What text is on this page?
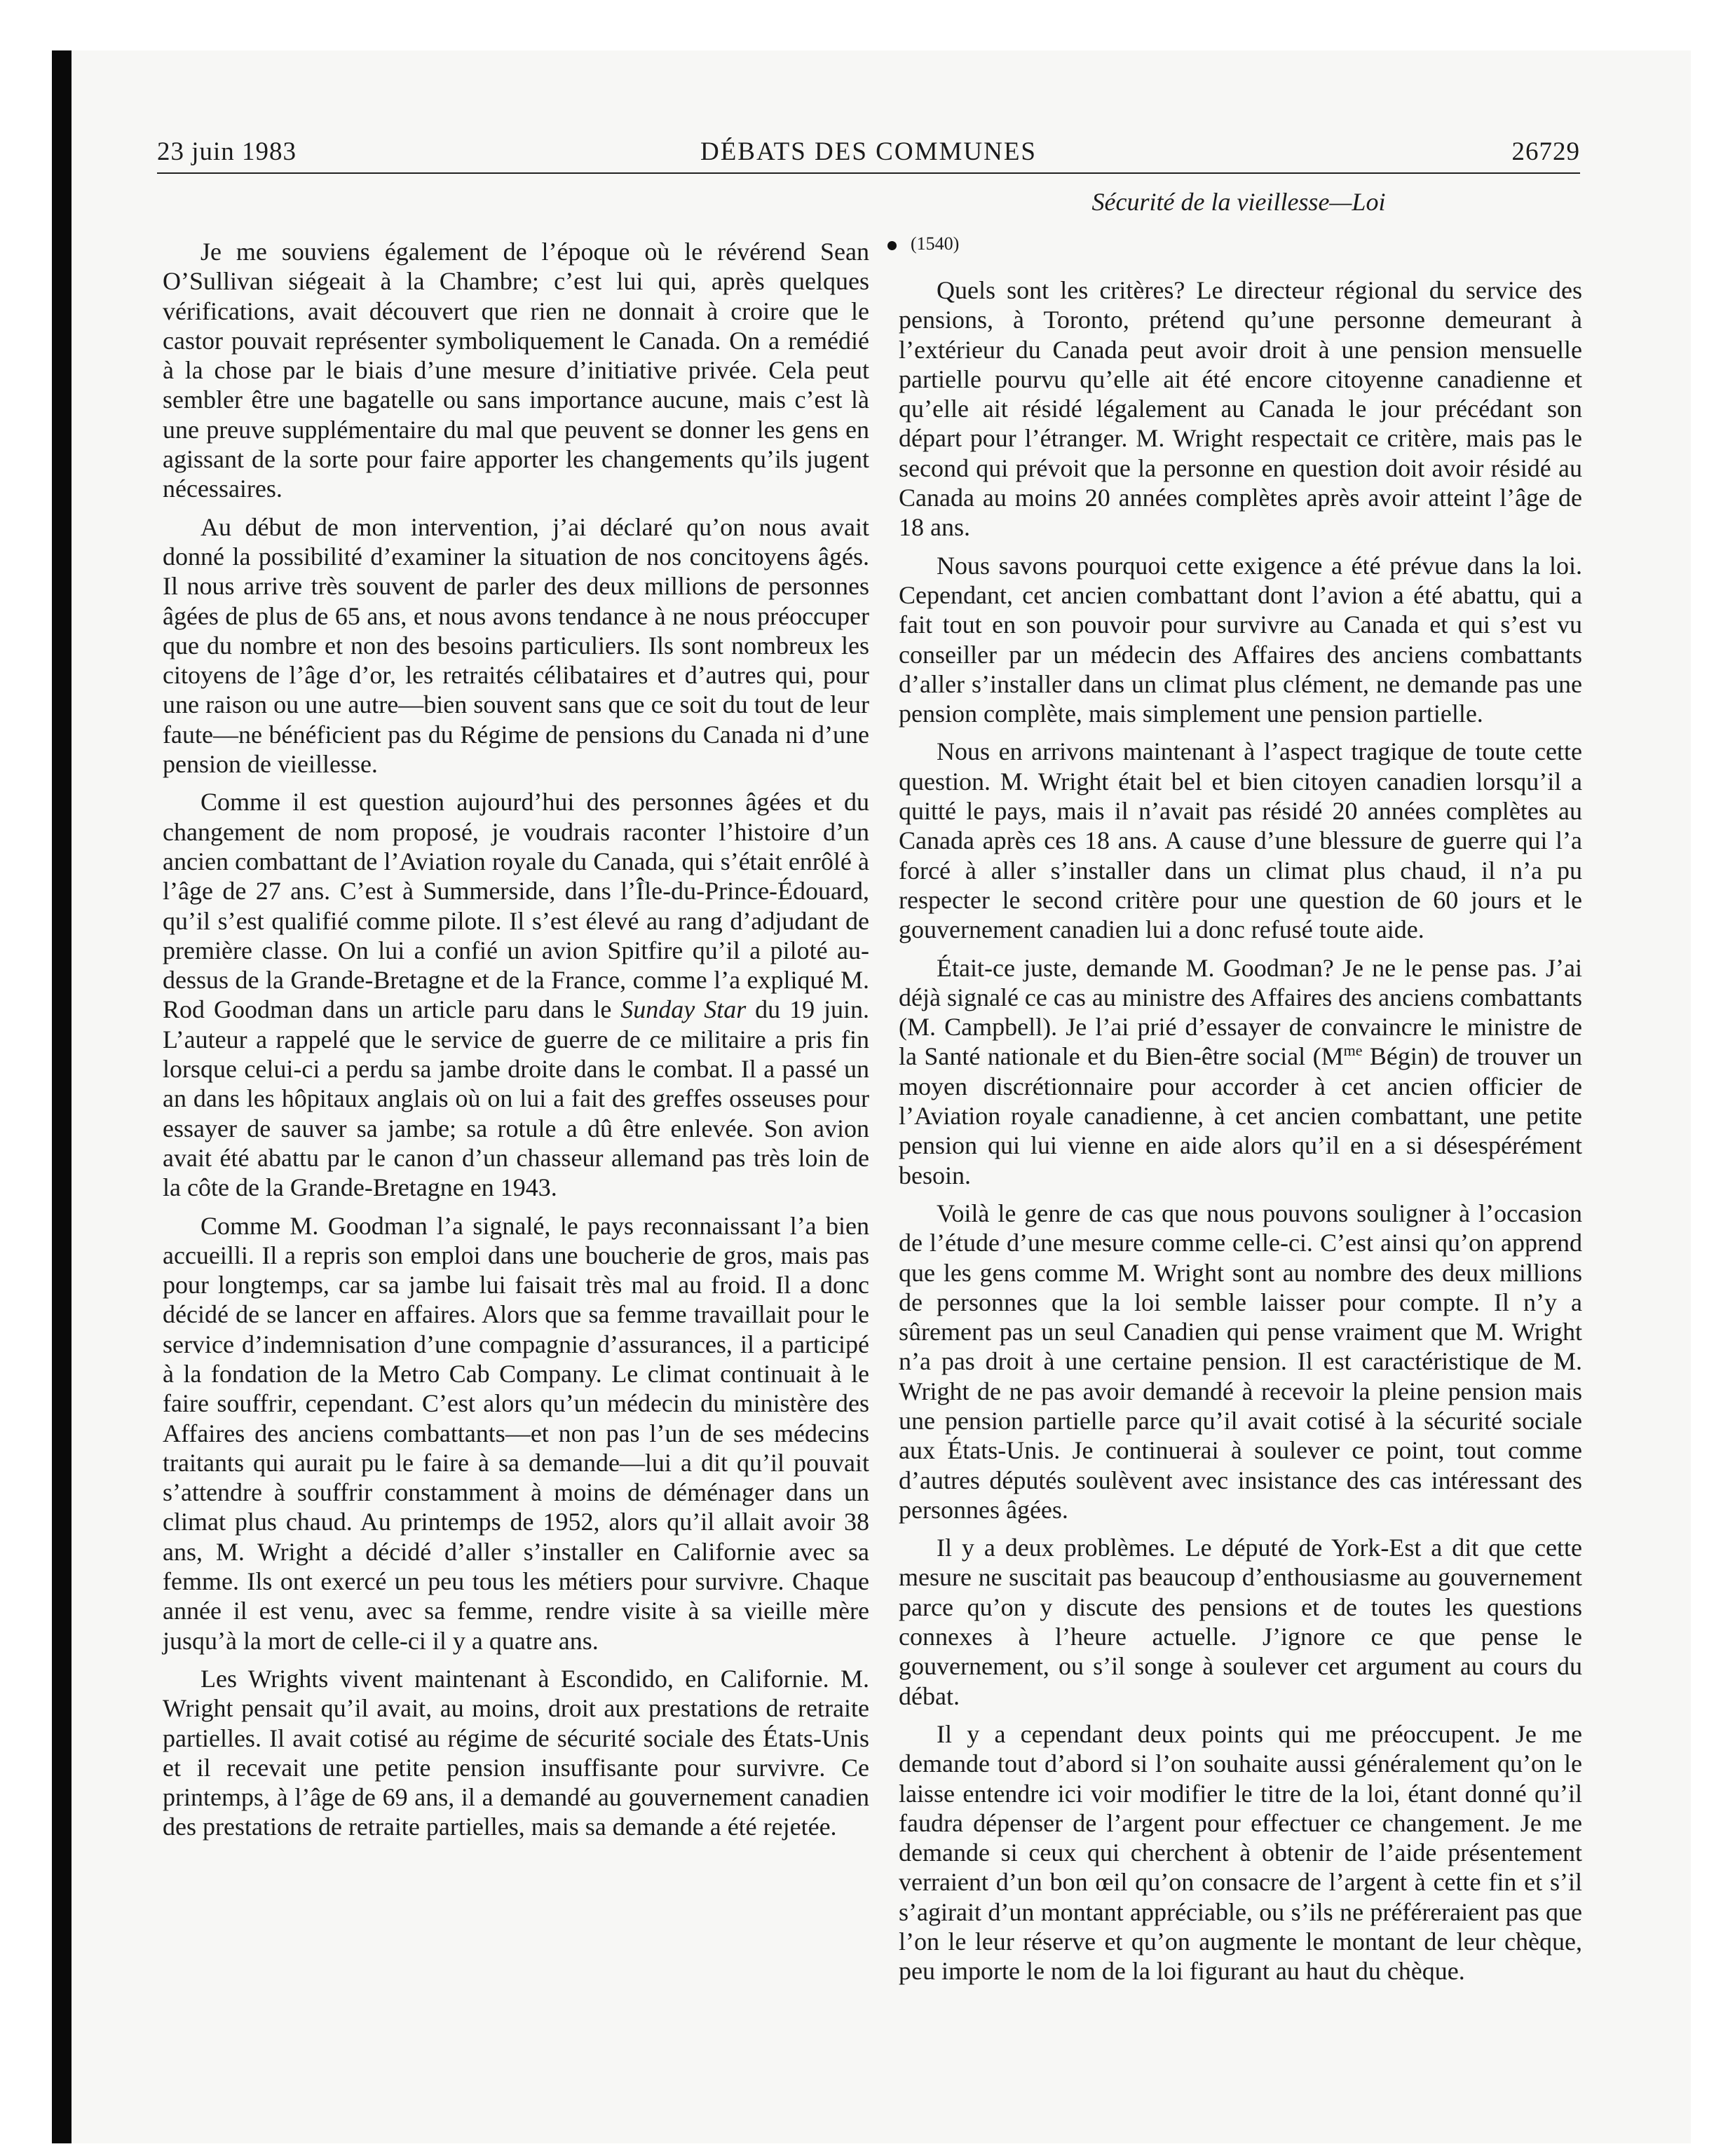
23 juin 1983	DÉBATS DES COMMUNES	26729
Sécurité de la vieillesse—Loi
(1540)

Je me souviens également de l’époque où le révérend Sean O’Sullivan siégeait à la Chambre; c’est lui qui, après quelques vérifications, avait découvert que rien ne donnait à croire que le castor pouvait représenter symboliquement le Canada. On a remédié à la chose par le biais d’une mesure d’initiative privée. Cela peut sembler être une bagatelle ou sans importance aucune, mais c’est là une preuve supplémentaire du mal que peuvent se donner les gens en agissant de la sorte pour faire apporter les changements qu’ils jugent nécessaires.

Au début de mon intervention, j’ai déclaré qu’on nous avait donné la possibilité d’examiner la situation de nos concitoyens âgés. Il nous arrive très souvent de parler des deux millions de personnes âgées de plus de 65 ans, et nous avons tendance à ne nous préoccuper que du nombre et non des besoins particuliers. Ils sont nombreux les citoyens de l’âge d’or, les retraités célibataires et d’autres qui, pour une raison ou une autre—bien souvent sans que ce soit du tout de leur faute—ne bénéficient pas du Régime de pensions du Canada ni d’une pension de vieillesse.

Comme il est question aujourd’hui des personnes âgées et du changement de nom proposé, je voudrais raconter l’histoire d’un ancien combattant de l’Aviation royale du Canada, qui s’était enrôlé à l’âge de 27 ans. C’est à Summerside, dans l’Île-du-Prince-Édouard, qu’il s’est qualifié comme pilote. Il s’est élevé au rang d’adjudant de première classe. On lui a confié un avion Spitfire qu’il a piloté au-dessus de la Grande-Bretagne et de la France, comme l’a expliqué M. Rod Goodman dans un article paru dans le Sunday Star du 19 juin. L’auteur a rappelé que le service de guerre de ce militaire a pris fin lorsque celui-ci a perdu sa jambe droite dans le combat. Il a passé un an dans les hôpitaux anglais où on lui a fait des greffes osseuses pour essayer de sauver sa jambe; sa rotule a dû être enlevée. Son avion avait été abattu par le canon d’un chasseur allemand pas très loin de la côte de la Grande-Bretagne en 1943.

Comme M. Goodman l’a signalé, le pays reconnaissant l’a bien accueilli. Il a repris son emploi dans une boucherie de gros, mais pas pour longtemps, car sa jambe lui faisait très mal au froid. Il a donc décidé de se lancer en affaires. Alors que sa femme travaillait pour le service d’indemnisation d’une compagnie d’assurances, il a participé à la fondation de la Metro Cab Company. Le climat continuait à le faire souffrir, cependant. C’est alors qu’un médecin du ministère des Affaires des anciens combattants—et non pas l’un de ses médecins traitants qui aurait pu le faire à sa demande—lui a dit qu’il pouvait s’attendre à souffrir constamment à moins de déménager dans un climat plus chaud. Au printemps de 1952, alors qu’il allait avoir 38 ans, M. Wright a décidé d’aller s’installer en Californie avec sa femme. Ils ont exercé un peu tous les métiers pour survivre. Chaque année il est venu, avec sa femme, rendre visite à sa vieille mère jusqu’à la mort de celle-ci il y a quatre ans.

Les Wrights vivent maintenant à Escondido, en Californie. M. Wright pensait qu’il avait, au moins, droit aux prestations de retraite partielles. Il avait cotisé au régime de sécurité sociale des États-Unis et il recevait une petite pension insuffisante pour survivre. Ce printemps, à l’âge de 69 ans, il a demandé au gouvernement canadien des prestations de retraite partielles, mais sa demande a été rejetée.

Quels sont les critères? Le directeur régional du service des pensions, à Toronto, prétend qu’une personne demeurant à l’extérieur du Canada peut avoir droit à une pension mensuelle partielle pourvu qu’elle ait été encore citoyenne canadienne et qu’elle ait résidé légalement au Canada le jour précédant son départ pour l’étranger. M. Wright respectait ce critère, mais pas le second qui prévoit que la personne en question doit avoir résidé au Canada au moins 20 années complètes après avoir atteint l’âge de 18 ans.

Nous savons pourquoi cette exigence a été prévue dans la loi. Cependant, cet ancien combattant dont l’avion a été abattu, qui a fait tout en son pouvoir pour survivre au Canada et qui s’est vu conseiller par un médecin des Affaires des anciens combattants d’aller s’installer dans un climat plus clément, ne demande pas une pension complète, mais simplement une pension partielle.

Nous en arrivons maintenant à l’aspect tragique de toute cette question. M. Wright était bel et bien citoyen canadien lorsqu’il a quitté le pays, mais il n’avait pas résidé 20 années complètes au Canada après ces 18 ans. A cause d’une blessure de guerre qui l’a forcé à aller s’installer dans un climat plus chaud, il n’a pu respecter le second critère pour une question de 60 jours et le gouvernement canadien lui a donc refusé toute aide.

Était-ce juste, demande M. Goodman? Je ne le pense pas. J’ai déjà signalé ce cas au ministre des Affaires des anciens combattants (M. Campbell). Je l’ai prié d’essayer de convaincre le ministre de la Santé nationale et du Bien-être social ($M^{me}$ Bégin) de trouver un moyen discrétionnaire pour accorder à cet ancien officier de l’Aviation royale canadienne, à cet ancien combattant, une petite pension qui lui vienne en aide alors qu’il en a si désespérément besoin.

Voilà le genre de cas que nous pouvons souligner à l’occasion de l’étude d’une mesure comme celle-ci. C’est ainsi qu’on apprend que les gens comme M. Wright sont au nombre des deux millions de personnes que la loi semble laisser pour compte. Il n’y a sûrement pas un seul Canadien qui pense vraiment que M. Wright n’a pas droit à une certaine pension. Il est caractéristique de M. Wright de ne pas avoir demandé à recevoir la pleine pension mais une pension partielle parce qu’il avait cotisé à la sécurité sociale aux États-Unis. Je continuerai à soulever ce point, tout comme d’autres députés soulèvent avec insistance des cas intéressant des personnes âgées.

Il y a deux problèmes. Le député de York-Est a dit que cette mesure ne suscitait pas beaucoup d’enthousiasme au gouvernement parce qu’on y discute des pensions et de toutes les questions connexes à l’heure actuelle. J’ignore ce que pense le gouvernement, ou s’il songe à soulever cet argument au cours du débat.

Il y a cependant deux points qui me préoccupent. Je me demande tout d’abord si l’on souhaite aussi généralement qu’on le laisse entendre ici voir modifier le titre de la loi, étant donné qu’il faudra dépenser de l’argent pour effectuer ce changement. Je me demande si ceux qui cherchent à obtenir de l’aide présentement verraient d’un bon œil qu’on consacre de l’argent à cette fin et s’il s’agirait d’un montant appréciable, ou s’ils ne préféreraient pas que l’on le leur réserve et qu’on augmente le montant de leur chèque, peu importe le nom de la loi figurant au haut du chèque.
